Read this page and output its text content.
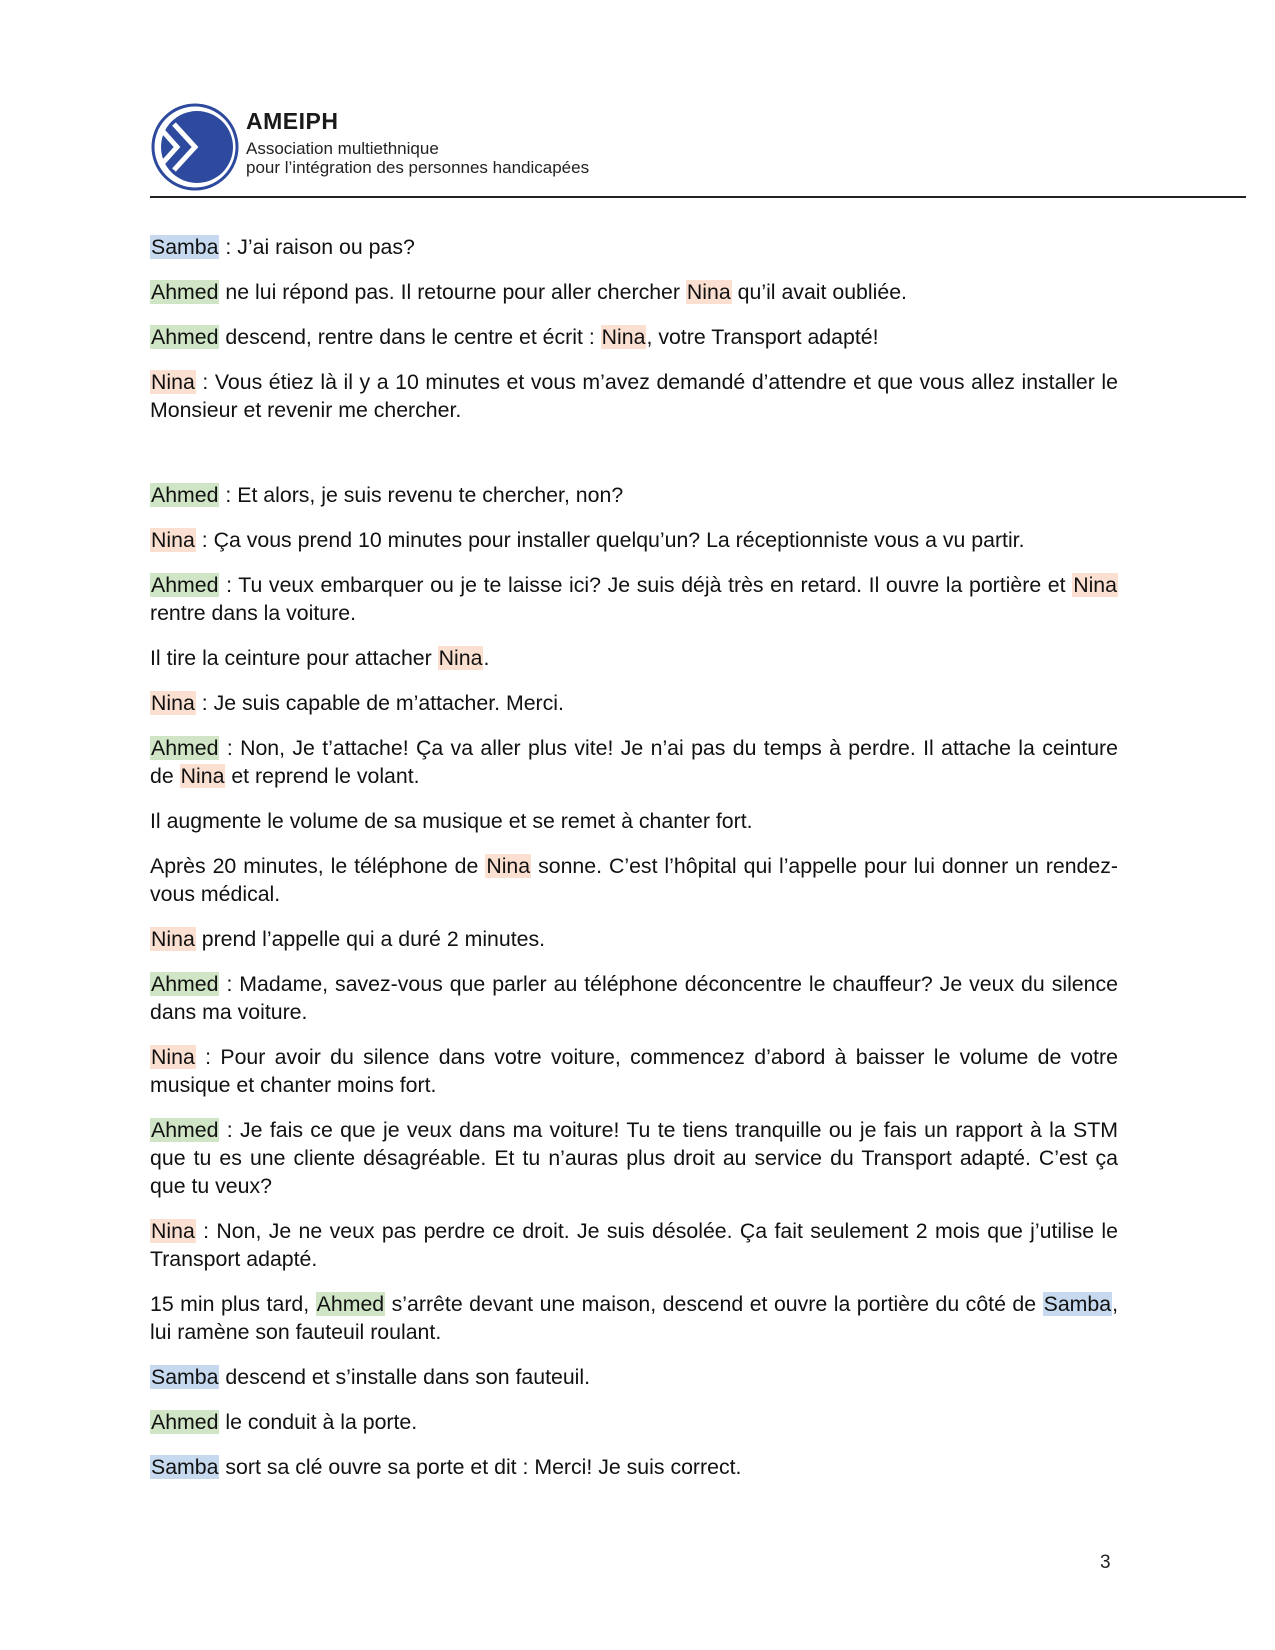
AMEIPH
Association multiethnique
pour l’intégration des personnes handicapées

Samba : J’ai raison ou pas?

Ahmed ne lui répond pas. Il retourne pour aller chercher Nina qu’il avait oubliée.

Ahmed descend, rentre dans le centre et écrit : Nina, votre Transport adapté!

Nina : Vous étiez là il y a 10 minutes et vous m’avez demandé d’attendre et que vous allez installer le Monsieur et revenir me chercher.

Ahmed : Et alors, je suis revenu te chercher, non?

Nina : Ça vous prend 10 minutes pour installer quelqu’un? La réceptionniste vous a vu partir.

Ahmed : Tu veux embarquer ou je te laisse ici? Je suis déjà très en retard. Il ouvre la portière et Nina rentre dans la voiture.

Il tire la ceinture pour attacher Nina.

Nina : Je suis capable de m’attacher. Merci.

Ahmed : Non, Je t’attache! Ça va aller plus vite! Je n’ai pas du temps à perdre. Il attache la ceinture de Nina et reprend le volant.

Il augmente le volume de sa musique et se remet à chanter fort.

Après 20 minutes, le téléphone de Nina sonne. C’est l’hôpital qui l’appelle pour lui donner un rendez-vous médical.

Nina prend l’appelle qui a duré 2 minutes.

Ahmed : Madame, savez-vous que parler au téléphone déconcentre le chauffeur? Je veux du silence dans ma voiture.

Nina : Pour avoir du silence dans votre voiture, commencez d’abord à baisser le volume de votre musique et chanter moins fort.

Ahmed : Je fais ce que je veux dans ma voiture! Tu te tiens tranquille ou je fais un rapport à la STM que tu es une cliente désagréable. Et tu n’auras plus droit au service du Transport adapté. C’est ça que tu veux?

Nina : Non, Je ne veux pas perdre ce droit. Je suis désolée. Ça fait seulement 2 mois que j’utilise le Transport adapté.

15 min plus tard, Ahmed s’arrête devant une maison, descend et ouvre la portière du côté de Samba, lui ramène son fauteuil roulant.

Samba descend et s’installe dans son fauteuil.

Ahmed le conduit à la porte.

Samba sort sa clé ouvre sa porte et dit : Merci! Je suis correct.

3
